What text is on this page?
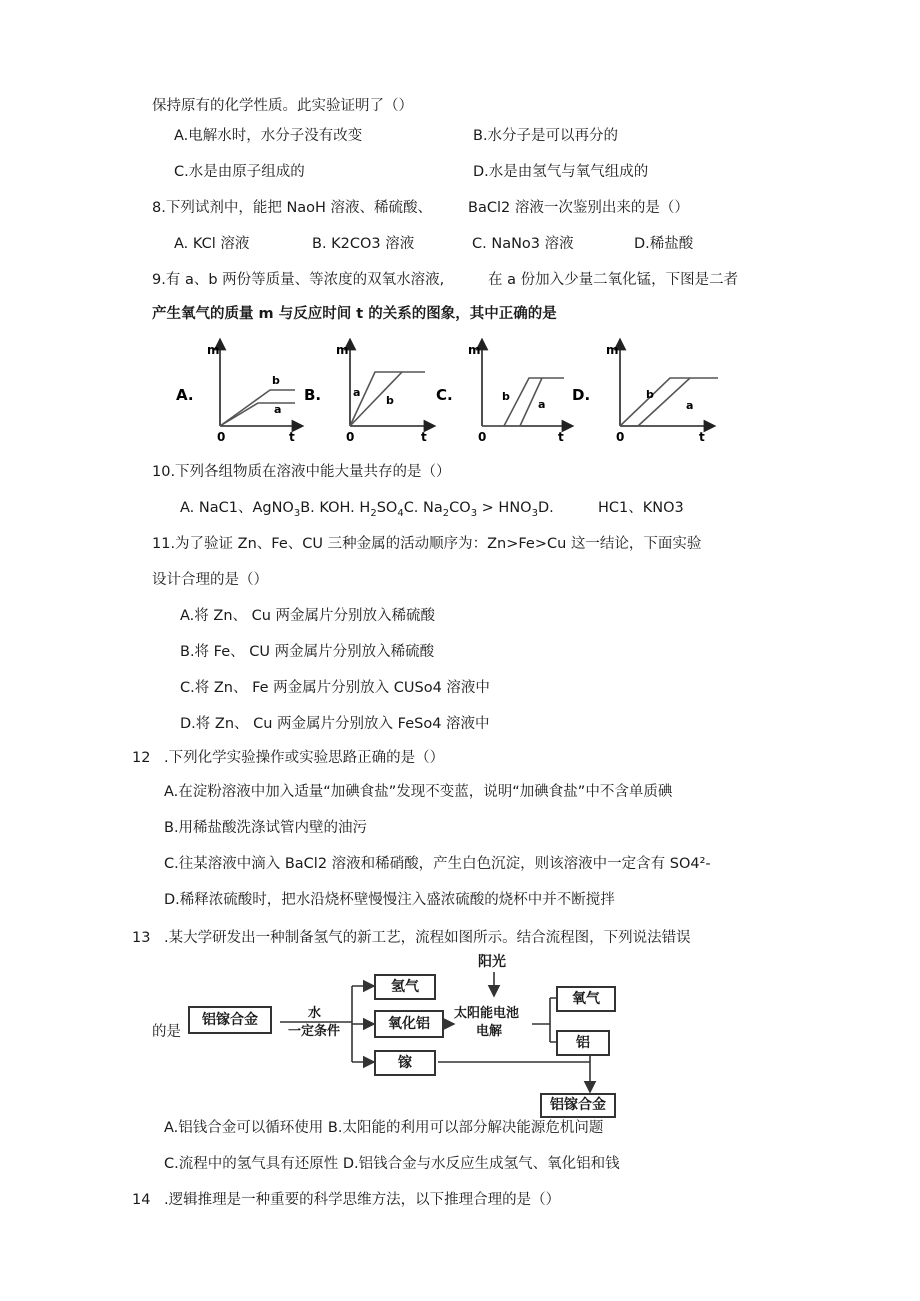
保持原有的化学性质。此实验证明了（）
A.电解水时，水分子没有改变	B.水分子是可以再分的
C.水是由原子组成的	D.水是由氢气与氧气组成的
8.下列试剂中，能把 NaoH 溶液、稀硫酸、 BaCl2 溶液一次鉴别出来的是（）
A. KCl 溶液	B. K2CO3 溶液	C. NaNo3 溶液	D.稀盐酸
9.有 a、b 两份等质量、等浓度的双氧水溶液,	在 a 份加入少量二氧化锰，下图是二者
产生氧气的质量 m 与反应时间 t 的关系的图象，其中正确的是
A.
m
0	t
b
a
B.
m
0	t
a
b	C.
m
0	t
b
a
D.
m
0	t
b
a
10.下列各组物质在溶液中能大量共存的是（）
A. NaC1、AgNO$_3$B. KOH. $H_2SO_4C$. $Na_2CO_3 > HNO_3D$.	HC1、KNO3
11.为了验证 Zn、Fe、CU 三种金属的活动顺序为：Zn>Fe>Cu 这一结论，下面实验
设计合理的是（）
A.将 Zn、 Cu 两金属片分别放入稀硫酸
B.将 Fe、 CU 两金属片分别放入稀硫酸
C.将 Zn、 Fe 两金属片分别放入 CUSo4 溶液中
D.将 Zn、 Cu 两金属片分别放入 FeSo4 溶液中
12 .下列化学实验操作或实验思路正确的是（）
A.在淀粉溶液中加入适量“加碘食盐”发现不变蓝，说明“加碘食盐”中不含单质碘
B.用稀盐酸洗涤试管内壁的油污
C.往某溶液中滴入 BaCl2 溶液和稀硝酸，产生白色沉淀，则该溶液中一定含有 SO4²-
D.稀释浓硫酸时，把水沿烧杯壁慢慢注入盛浓硫酸的烧杯中并不断搅拌
13 .某大学研发出一种制备氢气的新工艺，流程如图所示。结合流程图，下列说法错误
的是
阳光
铝镓合金	水
一定条件
氢气
氧化铝
镓
太阳能电池
电解
氧气
铝
铝镓合金
A.铝钱合金可以循环使用 B.太阳能的利用可以部分解决能源危机问题
C.流程中的氢气具有还原性 D.铝钱合金与水反应生成氢气、氧化铝和钱
14 .逻辑推理是一种重要的科学思维方法，以下推理合理的是（）
